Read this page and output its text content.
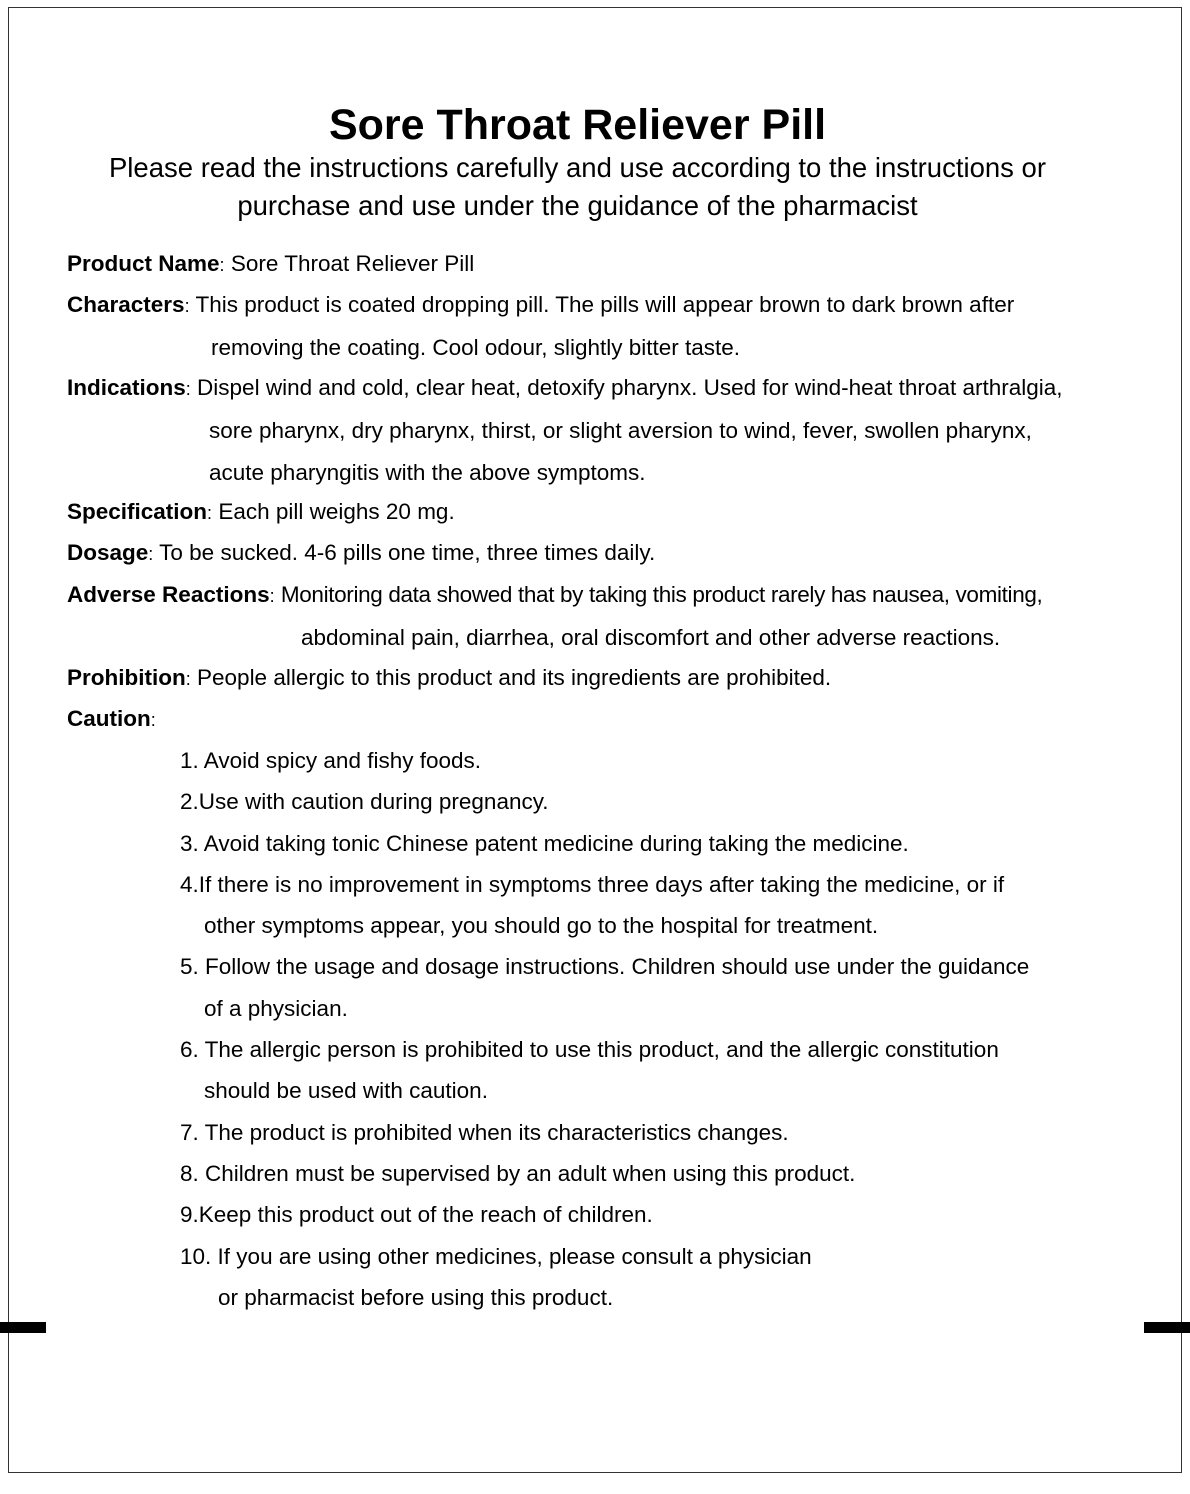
Sore Throat Reliever Pill
Please read the instructions carefully and use according to the instructions or
purchase and use under the guidance of the pharmacist
Product Name: Sore Throat Reliever Pill
Characters: This product is coated dropping pill. The pills will appear brown to dark brown after
removing the coating. Cool odour, slightly bitter taste.
Indications: Dispel wind and cold, clear heat, detoxify pharynx. Used for wind-heat throat arthralgia,
sore pharynx, dry pharynx, thirst, or slight aversion to wind, fever, swollen pharynx,
acute pharyngitis with the above symptoms.
Specification: Each pill weighs 20 mg.
Dosage: To be sucked. 4-6 pills one time, three times daily.
Adverse Reactions: Monitoring data showed that by taking this product rarely has nausea, vomiting,
abdominal pain, diarrhea, oral discomfort and other adverse reactions.
Prohibition: People allergic to this product and its ingredients are prohibited.
Caution:
1. Avoid spicy and fishy foods.
2.Use with caution during pregnancy.
3. Avoid taking tonic Chinese patent medicine during taking the medicine.
4.If there is no improvement in symptoms three days after taking the medicine, or if
other symptoms appear, you should go to the hospital for treatment.
5. Follow the usage and dosage instructions. Children should use under the guidance
of a physician.
6. The allergic person is prohibited to use this product, and the allergic constitution
should be used with caution.
7. The product is prohibited when its characteristics changes.
8. Children must be supervised by an adult when using this product.
9.Keep this product out of the reach of children.
10. If you are using other medicines, please consult a physician
or pharmacist before using this product.
